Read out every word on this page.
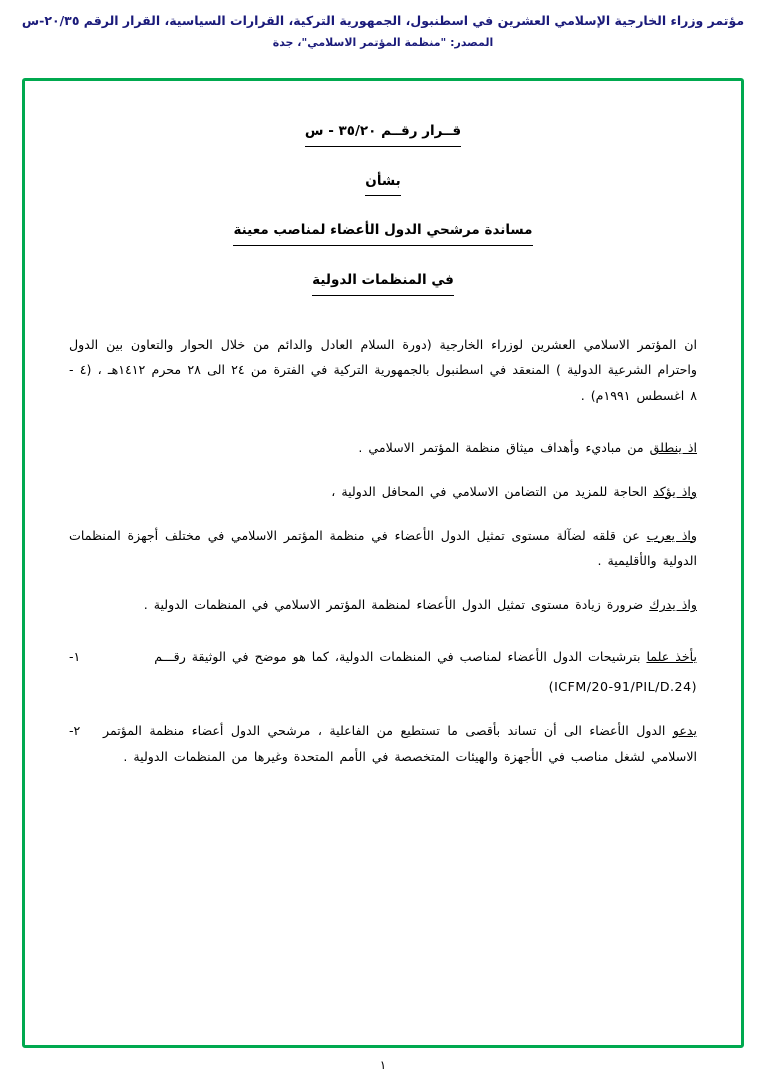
مؤتمر وزراء الخارجية الإسلامي العشرين في اسطنبول، الجمهورية التركية، القرارات السياسية، القرار الرقم ٢٠/٣٥-س
المصدر: "منظمة المؤتمر الاسلامي"، جدة
قــرار رقــم ٣٥/٢٠ - س
بشأن
مساندة مرشحي الدول الأعضاء لمناصب معينة
في المنظمات الدولية

ان المؤتمر الاسلامي العشرين لوزراء الخارجية (دورة السلام العادل والدائم من خلال الحوار والتعاون بين الدول واحترام الشرعية الدولية ) المنعقد في اسطنبول بالجمهورية التركية في الفترة من ٢٤ الى ٢٨ محرم ١٤١٢هـ ، (٤ - ٨ اغسطس ١٩٩١م) .

اذ ينطلق من مباديء وأهداف ميثاق منظمة المؤتمر الاسلامي .

واذ يؤكد الحاجة للمزيد من التضامن الاسلامي في المحافل الدولية ،

واذ يعرب عن قلقه لضآلة مستوى تمثيل الدول الأعضاء في منظمة المؤتمر الاسلامي في مختلف أجهزة المنظمات الدولية والأقليمية .

واذ يدرك ضرورة زيادة مستوى تمثيل الدول الأعضاء لمنظمة المؤتمر الاسلامي في المنظمات الدولية .

يأخذ علما بترشيحات الدول الأعضاء لمناصب في المنظمات الدولية، كما هو موضح في الوثيقة رقـــم
(ICFM/20-91/PIL/D.24)
١-
يدعو الدول الأعضاء الى أن تساند بأقصى ما تستطيع من الفاعلية ، مرشحي الدول أعضاء منظمة المؤتمر الاسلامي لشغل مناصب في الأجهزة والهيئات المتخصصة في الأمم المتحدة وغيرها من المنظمات الدولية .
٢-
١
